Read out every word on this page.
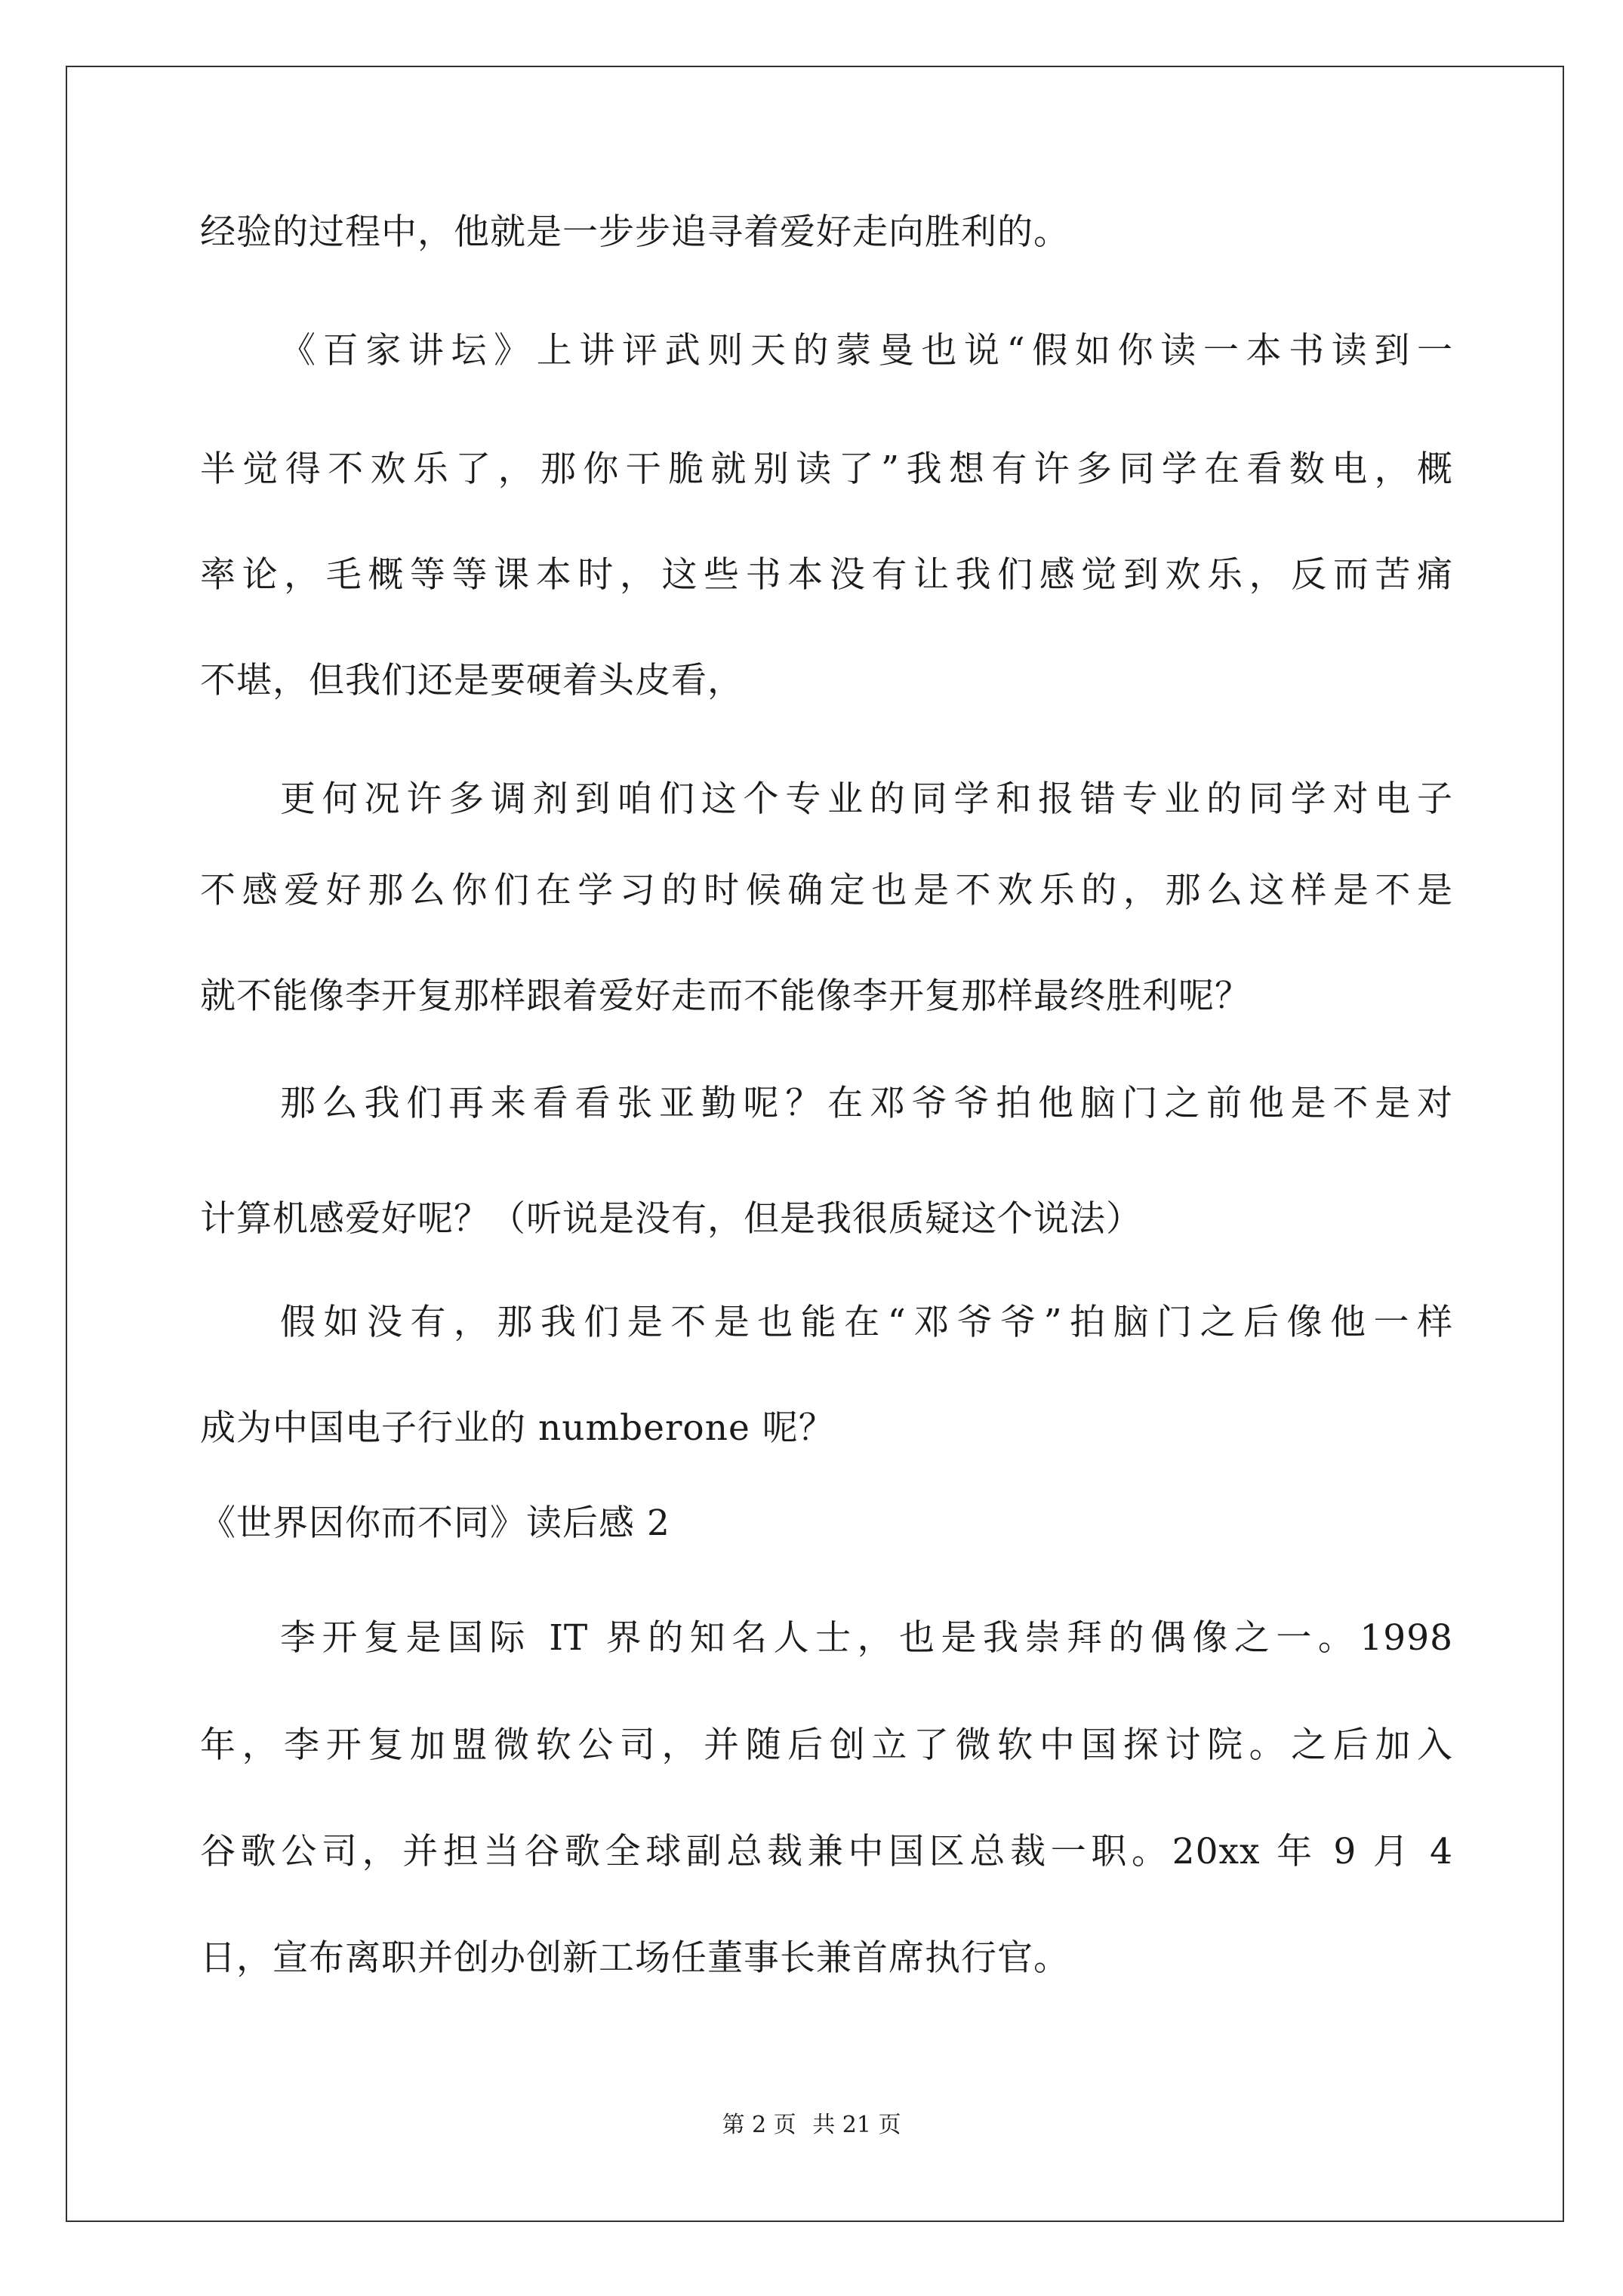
经验的过程中，他就是一步步追寻着爱好走向胜利的。

《百家讲坛》上讲评武则天的蒙曼也说“假如你读一本书读到一

半觉得不欢乐了，那你干脆就别读了”我想有许多同学在看数电，概

率论，毛概等等课本时，这些书本没有让我们感觉到欢乐，反而苦痛

不堪，但我们还是要硬着头皮看，

更何况许多调剂到咱们这个专业的同学和报错专业的同学对电子

不感爱好那么你们在学习的时候确定也是不欢乐的，那么这样是不是

就不能像李开复那样跟着爱好走而不能像李开复那样最终胜利呢？

那么我们再来看看张亚勤呢？在邓爷爷拍他脑门之前他是不是对

计算机感爱好呢？（听说是没有，但是我很质疑这个说法）

假如没有，那我们是不是也能在“邓爷爷”拍脑门之后像他一样

成为中国电子行业的 numberone 呢？

《世界因你而不同》读后感 2

李开复是国际 IT 界的知名人士，也是我崇拜的偶像之一。1998

年，李开复加盟微软公司，并随后创立了微软中国探讨院。之后加入

谷歌公司，并担当谷歌全球副总裁兼中国区总裁一职。20xx 年 9 月 4

日，宣布离职并创办创新工场任董事长兼首席执行官。

第 2 页 共 21 页
